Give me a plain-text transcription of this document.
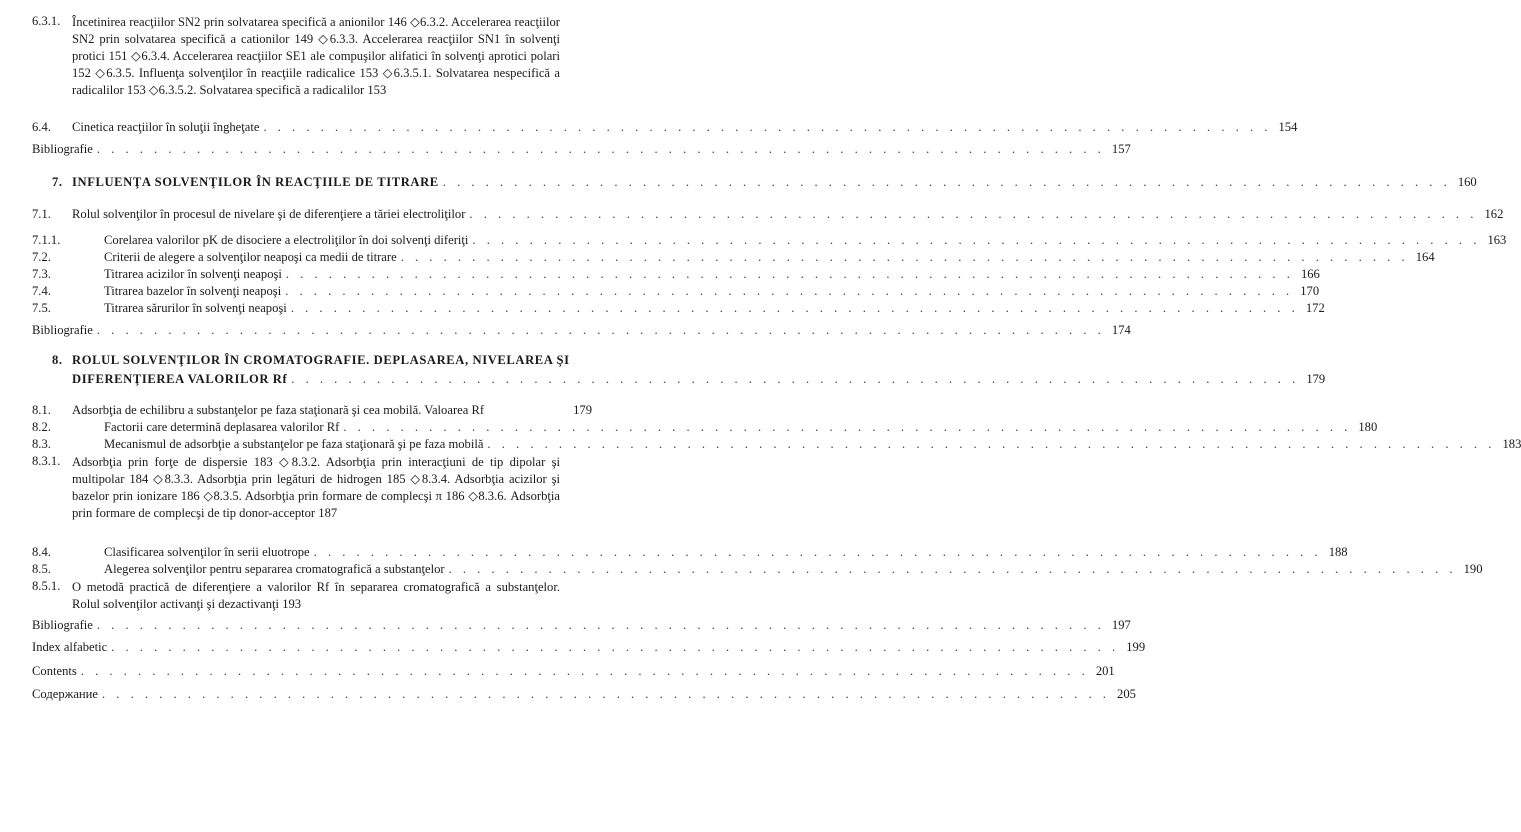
6.3.1. Încetinirea reacţiilor SN2 prin solvatarea specifică a anionilor 146 ◇6.3.2. Accelerarea reacţiilor SN2 prin solvatarea specifică a cationilor 149 ◇6.3.3. Accelerarea reacţiilor SN1 în solvenţi protici 151 ◇6.3.4. Accelerarea reacţiilor SE1 ale compuşilor alifatici în solvenţi aprotici polari 152 ◇6.3.5. Influenţa solvenţilor în reacţiile radicalice 153 ◇6.3.5.1. Solvatarea nespecifică a radicalilor 153 ◇6.3.5.2. Solvatarea specifică a radicalilor 153
6.4.	Cinetica reacţiilor în soluţii îngheţate . . . . . . . . . . . . . . . . . . . . . . . . . . . . . . . . . . . . . . . . . . . . . . . . . . . . . . . . . . . . . . . . . . . . . . . 154
Bibliografie . . . . . . . . . . . . . . . . . . . . . . . . . . . . . . . . . . . . . . . . . . . . . . . . . . . . . . . . . . . . . . . . . . . . . . . 157
7. INFLUENŢA SOLVENŢILOR ÎN REACŢIILE DE TITRARE . . . . . . . . . . . . . . . . . . . . . . . . . . . . . . . . . . . . . . . . . . . . . . . . . . . . . . . . . . . . . . . . . . . . . . . 160
7.1.	Rolul solvenţilor în procesul de nivelare şi de diferenţiere a tăriei electroliţilor . . . . . . . . . . . . . . . . . . . . . . . . . . . . . . . . . . . . . . . . . . . . . . . . . . . . . . . . . . . . . . . . . . . . . . . 162
7.1.1.	Corelarea valorilor pK de disociere a electroliţilor în doi solvenţi diferiţi . . . . . . . . . . . . . . . . . . . . . . . . . . . . . . . . . . . . . . . . . . . . . . . . . . . . . . . . . . . . . . . . . . . . . . . 163
7.2.	Criterii de alegere a solvenţilor neapoşi ca medii de titrare . . . . . . . . . . . . . . . . . . . . . . . . . . . . . . . . . . . . . . . . . . . . . . . . . . . . . . . . . . . . . . . . . . . . . . . 164
7.3.	Titrarea acizilor în solvenţi neapoşi . . . . . . . . . . . . . . . . . . . . . . . . . . . . . . . . . . . . . . . . . . . . . . . . . . . . . . . . . . . . . . . . . . . . . . . 166
7.4.	Titrarea bazelor în solvenţi neapoşi . . . . . . . . . . . . . . . . . . . . . . . . . . . . . . . . . . . . . . . . . . . . . . . . . . . . . . . . . . . . . . . . . . . . . . . 170
7.5.	Titrarea sărurilor în solvenţi neapoşi . . . . . . . . . . . . . . . . . . . . . . . . . . . . . . . . . . . . . . . . . . . . . . . . . . . . . . . . . . . . . . . . . . . . . . . 172
Bibliografie . . . . . . . . . . . . . . . . . . . . . . . . . . . . . . . . . . . . . . . . . . . . . . . . . . . . . . . . . . . . . . . . . . . . . . . 174
8. ROLUL SOLVENŢILOR ÎN CROMATOGRAFIE. DEPLASAREA, NIVELAREA ŞI
DIFERENŢIEREA VALORILOR Rf . . . . . . . . . . . . . . . . . . . . . . . . . . . . . . . . . . . . . . . . . . . . . . . . . . . . . . . . . . . . . . . . . . . . . . . 179
8.1.	Adsorbţia de echilibru a substanţelor pe faza staţionară şi cea mobilă. Valoarea Rf	179
8.2.	Factorii care determină deplasarea valorilor Rf . . . . . . . . . . . . . . . . . . . . . . . . . . . . . . . . . . . . . . . . . . . . . . . . . . . . . . . . . . . . . . . . . . . . . . . 180
8.3.	Mecanismul de adsorbţie a substanţelor pe faza staţionară şi pe faza mobilă . . . . . . . . . . . . . . . . . . . . . . . . . . . . . . . . . . . . . . . . . . . . . . . . . . . . . . . . . . . . . . . . . . . . . . . 183
8.3.1. Adsorbţia prin forţe de dispersie 183 ◇8.3.2. Adsorbţia prin interacţiuni de tip dipolar şi multipolar 184 ◇8.3.3. Adsorbţia prin legături de hidrogen 185 ◇8.3.4. Adsorbţia acizilor şi bazelor prin ionizare 186 ◇8.3.5. Adsorbţia prin formare de complecşi π 186 ◇8.3.6. Adsorbţia prin formare de complecşi de tip donor-acceptor 187
8.4.	Clasificarea solvenţilor în serii eluotrope . . . . . . . . . . . . . . . . . . . . . . . . . . . . . . . . . . . . . . . . . . . . . . . . . . . . . . . . . . . . . . . . . . . . . . . 188
8.5.	Alegerea solvenţilor pentru separarea cromatografică a substanţelor . . . . . . . . . . . . . . . . . . . . . . . . . . . . . . . . . . . . . . . . . . . . . . . . . . . . . . . . . . . . . . . . . . . . . . . 190
8.5.1. O metodă practică de diferenţiere a valorilor Rf în separarea cromatografică a substanţelor. Rolul solvenţilor activanţi şi dezactivanţi 193
Bibliografie . . . . . . . . . . . . . . . . . . . . . . . . . . . . . . . . . . . . . . . . . . . . . . . . . . . . . . . . . . . . . . . . . . . . . . . 197
Index alfabetic . . . . . . . . . . . . . . . . . . . . . . . . . . . . . . . . . . . . . . . . . . . . . . . . . . . . . . . . . . . . . . . . . . . . . . . 199
Contents . . . . . . . . . . . . . . . . . . . . . . . . . . . . . . . . . . . . . . . . . . . . . . . . . . . . . . . . . . . . . . . . . . . . . . . 201
Содержание . . . . . . . . . . . . . . . . . . . . . . . . . . . . . . . . . . . . . . . . . . . . . . . . . . . . . . . . . . . . . . . . . . . . . . . 205
